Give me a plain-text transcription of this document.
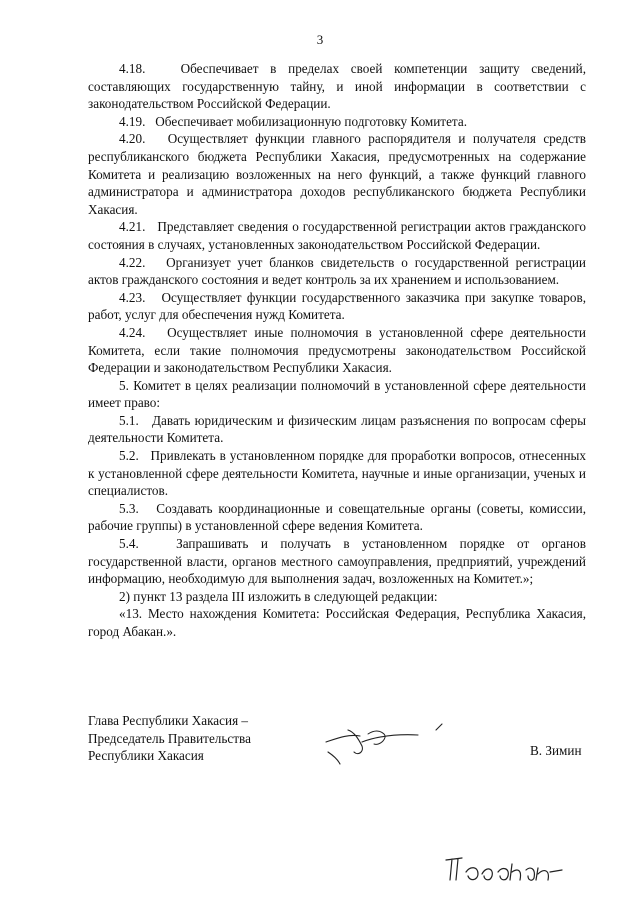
3

4.18.   Обеспечивает в пределах своей компетенции защиту сведений, составляющих государственную тайну, и иной информации в соответствии с законодательством Российской Федерации.

4.19.   Обеспечивает мобилизационную подготовку Комитета.

4.20.   Осуществляет функции главного распорядителя и получателя средств республиканского бюджета Республики Хакасия, предусмотренных на содержание Комитета и реализацию возложенных на него функций, а также функций главного администратора и администратора доходов республиканского бюджета Республики Хакасия.

4.21.   Представляет сведения о государственной регистрации актов гражданского состояния в случаях, установленных законодательством Российской Федерации.

4.22.   Организует учет бланков свидетельств о государственной регистрации актов гражданского состояния и ведет контроль за их хранением и использованием.

4.23.   Осуществляет функции государственного заказчика при закупке товаров, работ, услуг для обеспечения нужд Комитета.

4.24.   Осуществляет иные полномочия в установленной сфере деятельности Комитета, если такие полномочия предусмотрены законодательством Российской Федерации и законодательством Республики Хакасия.

5. Комитет в целях реализации полномочий в установленной сфере деятельности имеет право:

5.1.   Давать юридическим и физическим лицам разъяснения по вопросам сферы деятельности Комитета.

5.2.   Привлекать в установленном порядке для проработки вопросов, отнесенных к установленной сфере деятельности Комитета, научные и иные организации, ученых и специалистов.

5.3.   Создавать координационные и совещательные органы (советы, комиссии, рабочие группы) в установленной сфере ведения Комитета.

5.4.   Запрашивать и получать в установленном порядке от органов государственной власти, органов местного самоуправления, предприятий, учреждений информацию, необходимую для выполнения задач, возложенных на Комитет.»;

2) пункт 13 раздела III изложить в следующей редакции:

«13. Место нахождения Комитета: Российская Федерация, Республика Хакасия, город Абакан.».

Глава Республики Хакасия –
Председатель Правительства
Республики Хакасия	В. Зимин
